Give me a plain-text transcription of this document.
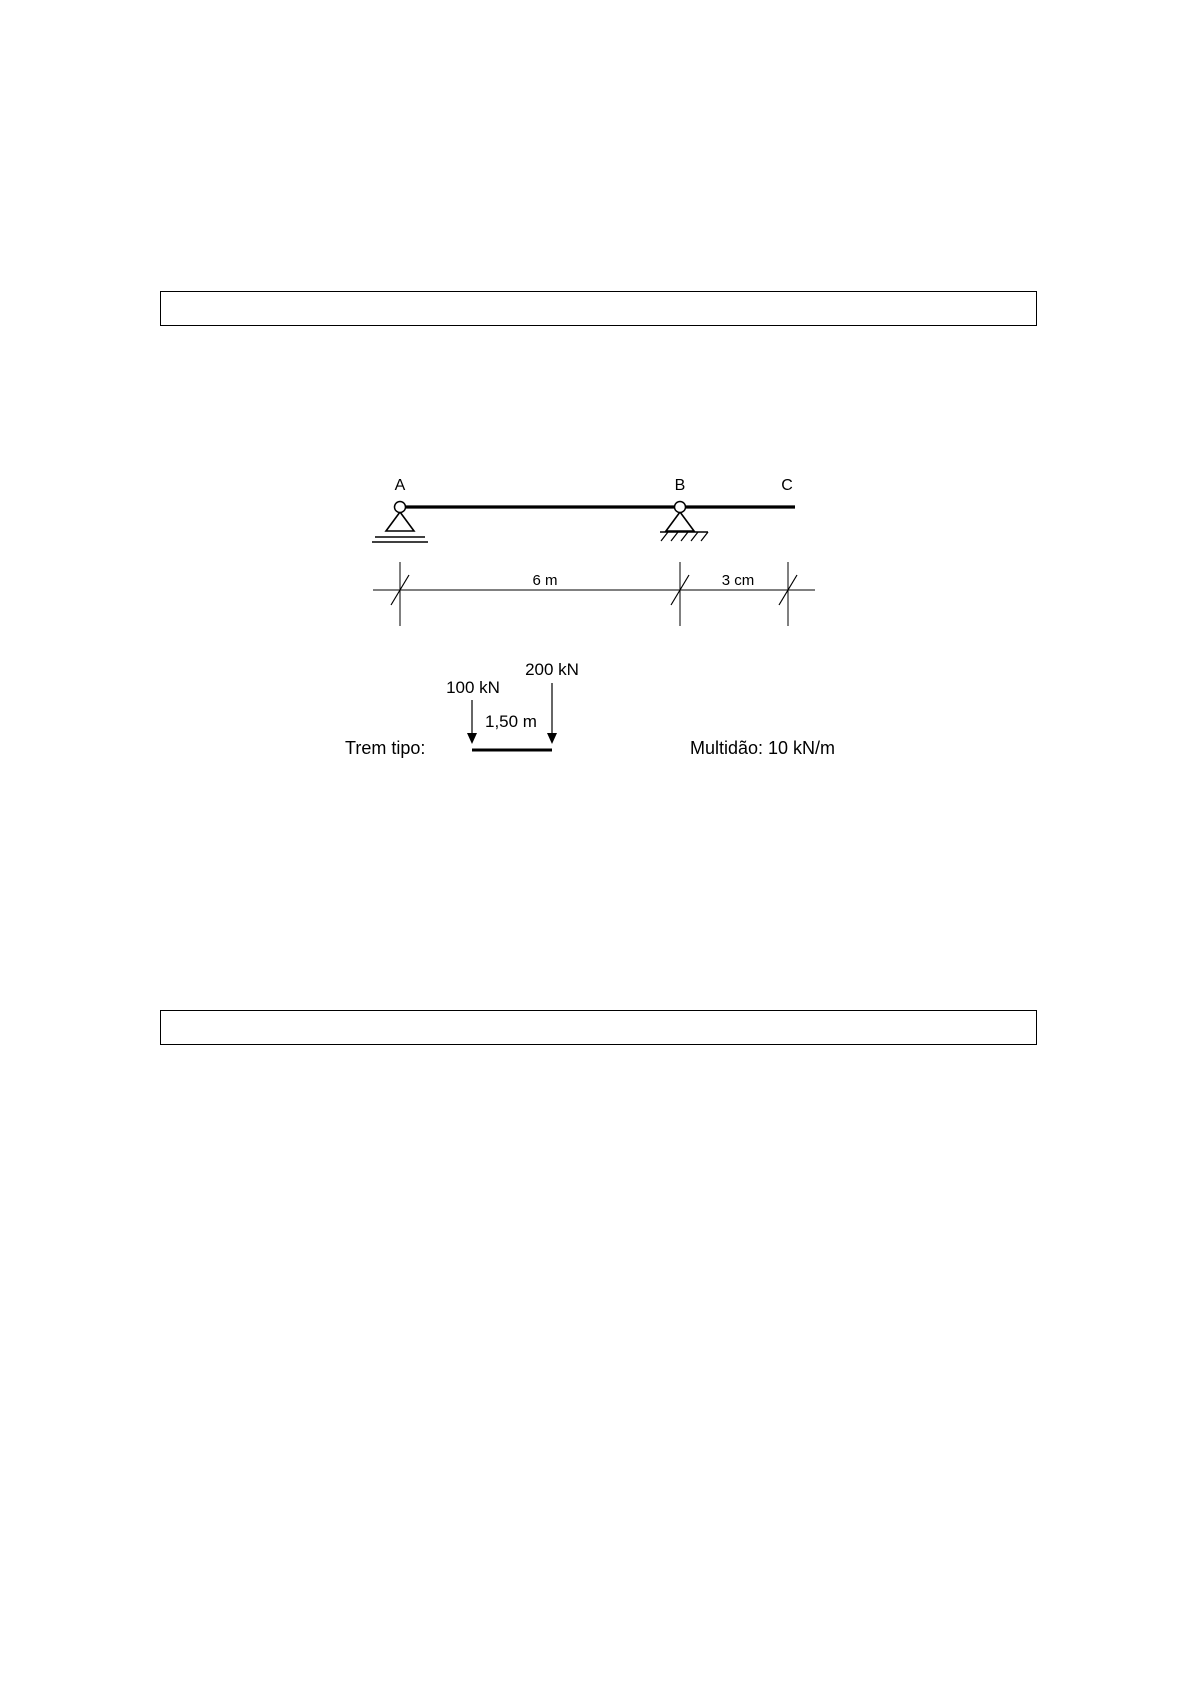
A	B	C
6 m	3 cm
100 kN
200 kN
1,50 m
Trem tipo:	Multidão: 10 kN/m
